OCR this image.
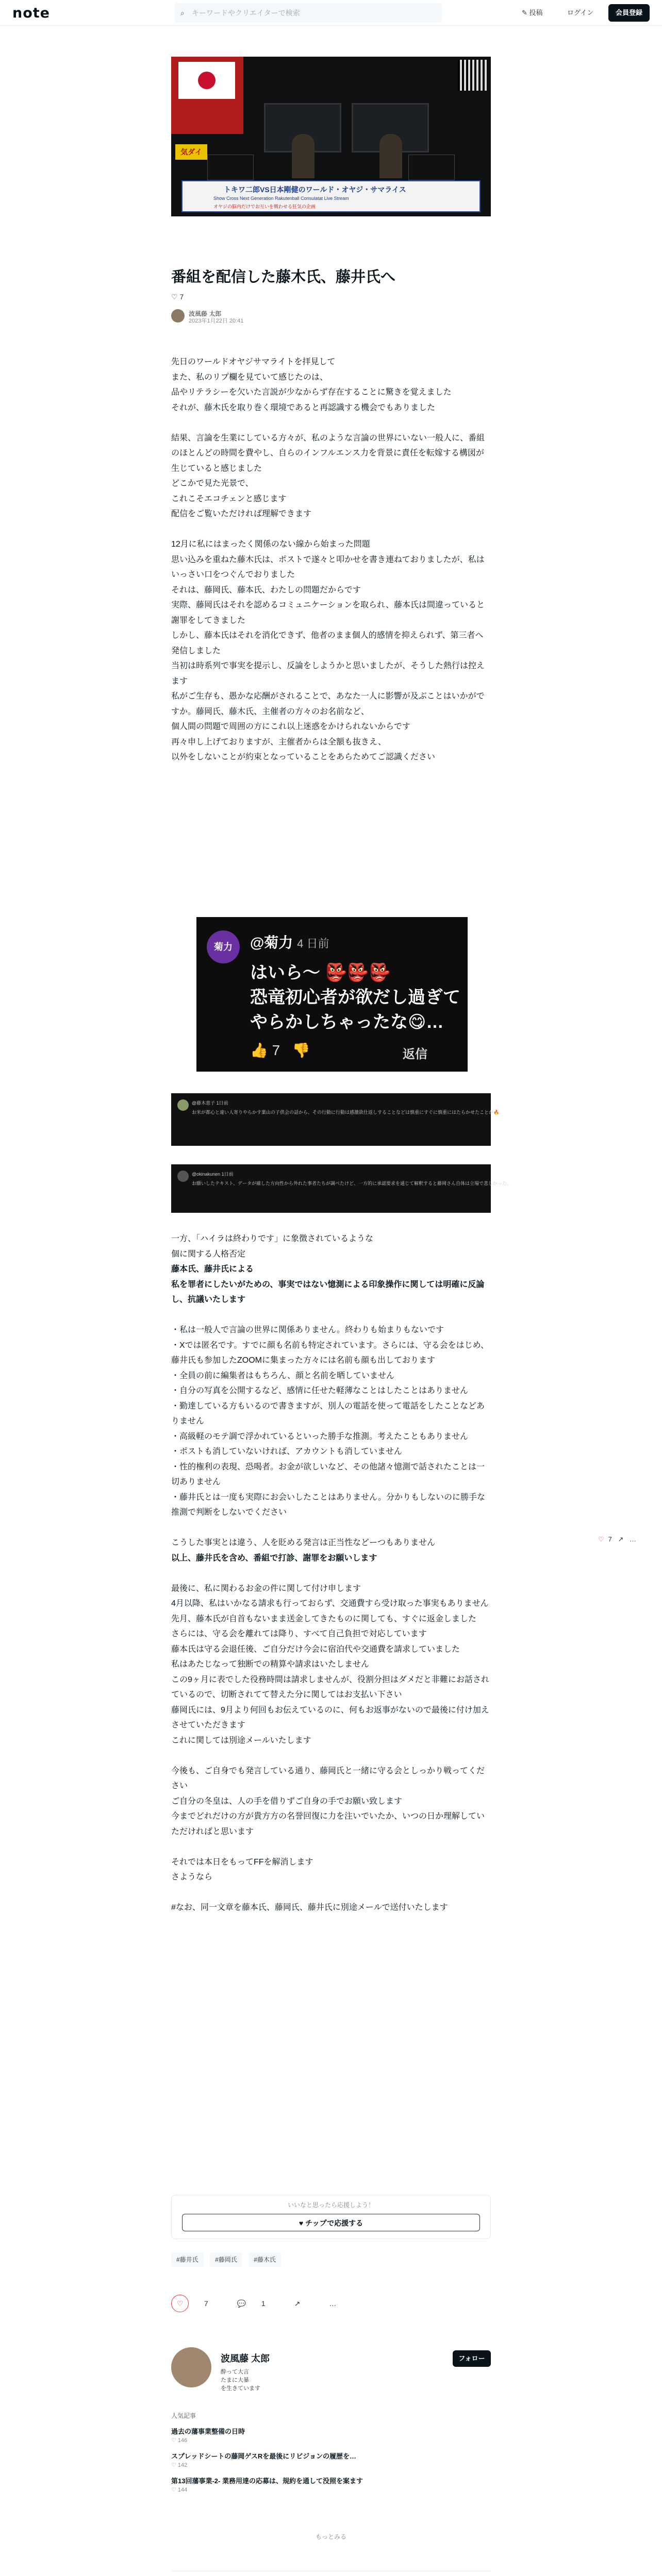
note	⌕ キーワードやクリエイターで検索	✎ 投稿	ログイン	会員登録
気ダイ
トキワ二郎VS日本剛健のワールド・オヤジ・サマライス
Show Cross Next Generation Rakutenball Consulatat Live Stream
オヤジの脳内だけでお互いを戦わせる狂気の企画
番組を配信した藤木氏、藤井氏へ
♡ 7
波風藤 太郎
2023年1月22日 20:41

先日のワールドオヤジサマライトを拝見して

また、私のリプ欄を見ていて感じたのは、

品やリテラシーを欠いた言説が少なからず存在することに驚きを覚えました

それが、藤木氏を取り巻く環境であると再認識する機会でもありました

結果、言論を生業にしている方々が、私のような言論の世界にいない一般人に、番組のほとんどの時間を費やし、自らのインフルエンス力を背景に責任を転嫁する構図が生じていると感じました

どこかで見た光景で、

これこそエコチェンと感じます

配信をご覧いただければ理解できます

12月に私にはまったく関係のない線から始まった問題

思い込みを重ねた藤木氏は、ポストで遂々と叩かせを書き連ねておりましたが、私はいっさい口をつぐんでおりました

それは、藤岡氏、藤本氏、わたしの問題だからです

実際、藤岡氏はそれを認めるコミュニケーションを取られ、藤本氏は間違っていると謝罪をしてきました

しかし、藤本氏はそれを消化できず、他者のまま個人的感情を抑えられず、第三者へ発信しました

当初は時系列で事実を提示し、反論をしようかと思いましたが、そうした熱行は控えます

私がご生存も、愚かな応酬がされることで、あなた一人に影響が及ぶことはいかがですか。藤岡氏、藤木氏、主催者の方々のお名前など、

個人間の問題で周囲の方にこれ以上迷惑をかけられないからです

再々申し上げておりますが、主催者からは全額も抜きえ、

以外をしないことが約束となっていることをあらためてご認識ください

菊力	@菊力 4 日前
はいら〜 👺👺👺
恐竜初心者が欲だし過ぎて
やらかしちゃったな😋…
👍 7 👎	返信
@藤木恵子 1日前
お米が都心と違い人寄りやらかす菓山の子供会の話から、その行動に行動は感激欲仕返しすることなどは慎重にすぐに慎重にはたらかせたことが🔥
@okinakunen 1日前
お願いしたテキスト、データが確した方向性から外れた事者たちが調べたけど、一方的に承認要求を通じて解釈すると藤岡さん自体は立場で悲しかった。

一方、「ハイラは終わりです」に象徴されているような

個に関する人格否定

藤本氏、藤井氏による

私を罪者にしたいがための、事実ではない憶測による印象操作に関しては明確に反論し、抗議いたします

・私は一般人で言論の世界に関係ありません。終わりも始まりもないです

・Xでは匿名です。すでに顔も名前も特定されています。さらには、守る会をはじめ、藤井氏も参加したZOOMに集まった方々には名前も顔も出しております

・全員の前に編集者はもちろん、顔と名前を晒していません

・自分の写真を公開するなど、感情に任せた軽薄なことはしたことはありません

・勤達している方もいるので書きますが、別人の電話を使って電話をしたことなどありません

・高級軽のモテ調で浮かれているといった勝手な推測。考えたこともありません

・ポストも消していないければ、アカウントも消していません

・性的権利の表現、恐喝者。お金が欲しいなど、その他諸々憶測で話されたことは一切ありません

・藤井氏とは一度も実際にお会いしたことはありません。分かりもしないのに勝手な推測で判断をしないでください

こうした事実とは違う、人を貶める発言は正当性などーつもありません

以上、藤井氏を含め、番組で打診、謝罪をお願いします

最後に、私に関わるお金の件に関して付け申します

4月以降、私はいかなる請求も行っておらず、交通費すら受け取った事実もありません

先月、藤本氏が自首もないまま送金してきたものに関しても、すぐに返金しました

さらには、守る会を離れては降り、すべて自己負担で対応しています

藤本氏は守る会退任後、ご自分だけ今会に宿泊代や交通費を請求していました

私はあたじなって独断での精算や請求はいたしません

この9ヶ月に表でした役務時間は請求しませんが、役割分担はダメだと非難にお話されているので、切断されてて替えた分に関してはお支払い下さい

藤岡氏には、9月より何回もお伝えているのに、何もお返事がないので最後に付け加えさせていただきます

これに関しては別途メールいたします

今後も、ご自身でも発言している通り、藤岡氏と一緒に守る会としっかり戦ってください

ご自分の冬皇は、人の手を借りずご自身の手でお願い致します

今までどれだけの方が貴方方の名誉回復に力を注いでいたか、いつの日か理解していただければと思います

それでは本日をもってFFを解消します

さようなら

#なお、同一文章を藤本氏、藤岡氏、藤井氏に別途メールで送付いたします

いいなと思ったら応援しよう！
♥ チップで応援する
#藤井氏	#藤岡氏	#藤木氏
♡	7	💬 1	↗	…
波風藤 太郎
酔って大言
たまに大暴
を生きています
フォロー
人気記事
過去の藩事業整備の日時
♡ 146
スプレッドシートの藤岡ゲスRを最後にリビジョンの履歴を…
♡ 142
第13回藩事業-2- 業務用達の応募は、規約を通して没照を案ます
♡ 144
もっとみる
♡ 7 ↗ …
